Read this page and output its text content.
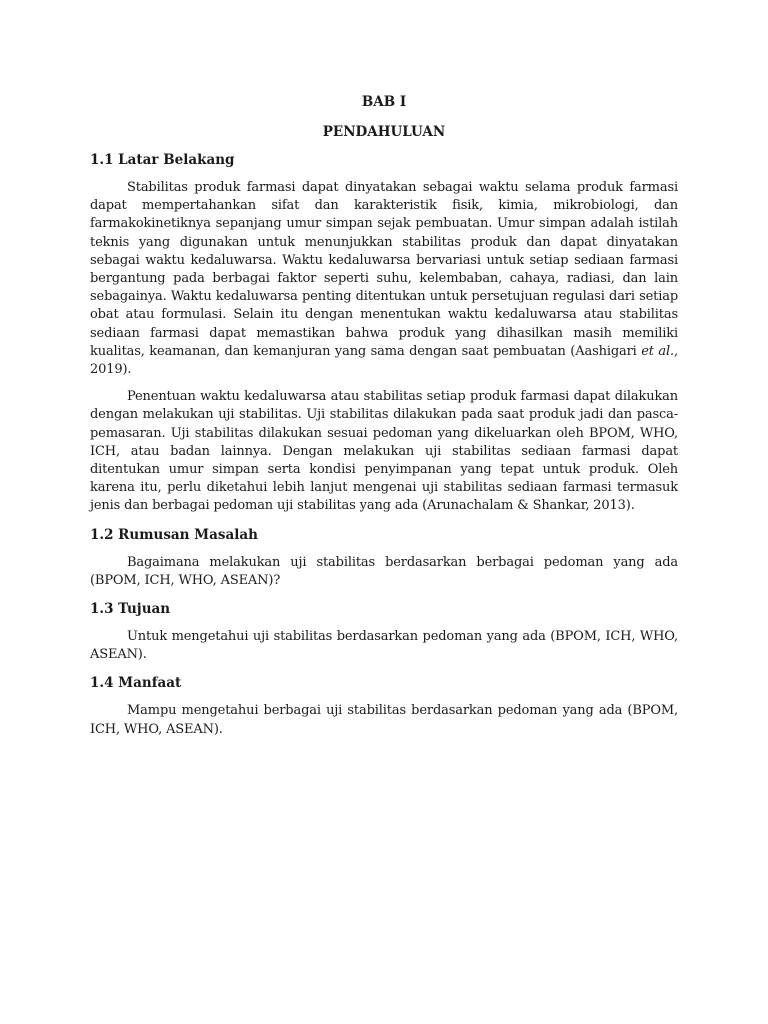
BAB I
PENDAHULUAN
1.1 Latar Belakang

Stabilitas produk farmasi dapat dinyatakan sebagai waktu selama produk farmasi dapat mempertahankan sifat dan karakteristik fisik, kimia, mikrobiologi, dan farmakokinetiknya sepanjang umur simpan sejak pembuatan. Umur simpan adalah istilah teknis yang digunakan untuk menunjukkan stabilitas produk dan dapat dinyatakan sebagai waktu kedaluwarsa. Waktu kedaluwarsa bervariasi untuk setiap sediaan farmasi bergantung pada berbagai faktor seperti suhu, kelembaban, cahaya, radiasi, dan lain sebagainya. Waktu kedaluwarsa penting ditentukan untuk persetujuan regulasi dari setiap obat atau formulasi. Selain itu dengan menentukan waktu kedaluwarsa atau stabilitas sediaan farmasi dapat memastikan bahwa produk yang dihasilkan masih memiliki kualitas, keamanan, dan kemanjuran yang sama dengan saat pembuatan (Aashigari et al., 2019).

Penentuan waktu kedaluwarsa atau stabilitas setiap produk farmasi dapat dilakukan dengan melakukan uji stabilitas. Uji stabilitas dilakukan pada saat produk jadi dan pasca-pemasaran. Uji stabilitas dilakukan sesuai pedoman yang dikeluarkan oleh BPOM, WHO, ICH, atau badan lainnya. Dengan melakukan uji stabilitas sediaan farmasi dapat ditentukan umur simpan serta kondisi penyimpanan yang tepat untuk produk. Oleh karena itu, perlu diketahui lebih lanjut mengenai uji stabilitas sediaan farmasi termasuk jenis dan berbagai pedoman uji stabilitas yang ada (Arunachalam & Shankar, 2013).

1.2 Rumusan Masalah

Bagaimana melakukan uji stabilitas berdasarkan berbagai pedoman yang ada (BPOM, ICH, WHO, ASEAN)?

1.3 Tujuan

Untuk mengetahui uji stabilitas berdasarkan pedoman yang ada (BPOM, ICH, WHO, ASEAN).

1.4 Manfaat

Mampu mengetahui berbagai uji stabilitas berdasarkan pedoman yang ada (BPOM, ICH, WHO, ASEAN).
